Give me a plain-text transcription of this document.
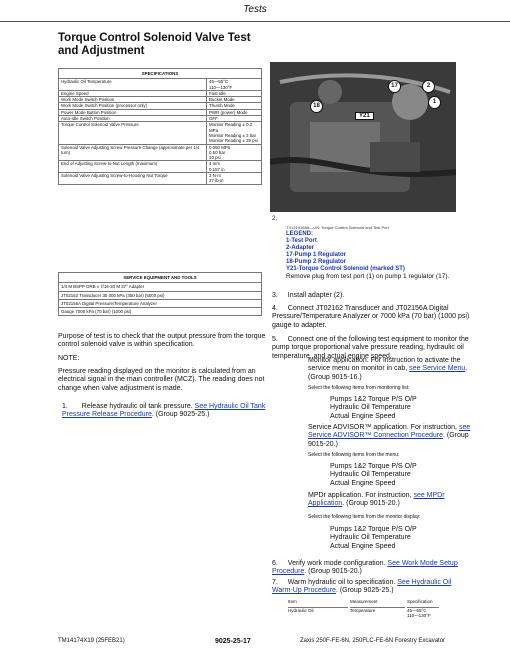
Tests
Torque Control Solenoid Valve Test and Adjustment
SPECIFICATIONS	
Hydraulic Oil Temperature	45—55°C
110—130°F
Engine Speed	Fast Idle
Work Mode Switch Position	Bucket Mode
Work Mode Switch Position (processor only)	Thumb Mode
Power Mode Button Position	PWR (power) Mode
Auto-Idle Switch Position	OFF
Torque Control Solenoid Valve Pressure	Monitor Reading ± 0.2 MPa
Monitor Reading ± 2 bar
Monitor Reading ± 29 psi
Solenoid Valve Adjusting Screw Pressure Change (approximate per 1/4 turn)	0.050 MPa
0.50 bar
10 psi
End of Adjusting Screw-to-Nut Length (maximum)	4 mm
0.157 in
Solenoid Valve Adjusting Screw-to-Housing Nut Torque	3 N·m
27 lb-in
SERVICE EQUIPMENT AND TOOLS
1/4 M BSPP ORB x 7/16-20 M 37° Adapter
JT02162 Transducer 35 000 kPa (350 bar) (5000 psi)
JT02156A Digital Pressure/Temperature Analyzer
Gauge 7000 kPa (70 bar) (1000 psi)
Purpose of test is to check that the output pressure from the torque control solenoid valve is within specification.
NOTE:
Pressure reading displayed on the monitor is calculated from an electrical signal in the main controller (MCZ). The reading does not change when valve adjustment is made.
1. Release hydraulic oil tank pressure. See Hydraulic Oil Tank Pressure Release Procedure. (Group 9025-25.)
17	2
1
18
Y21
2.
TX1219168A—UN: Torque Control Solenoid and Test Port
LEGEND:
1-Test Port
2-Adapter
17-Pump 1 Regulator
18-Pump 2 Regulator
Y21-Torque Control Solenoid (marked ST)
Remove plug from test port (1) on pump 1 regulator (17).
3. Install adapter (2).
4. Connect JT02162 Transducer and JT02156A Digital Pressure/Temperature Analyzer or 7000 kPa (70 bar) (1000 psi) gauge to adapter.
5. Connect one of the following test equipment to monitor the pump torque proportional valve pressure reading, hydraulic oil temperature, and actual engine speed.
Monitor application. For instruction to activate the service menu on monitor in cab, see Service Menu. (Group 9015-16.)
Select the following items from monitoring list:
Pumps 1&2 Torque P/S O/P
Hydraulic Oil Temperature
Actual Engine Speed
Service ADVISOR™ application. For instruction, see Service ADVISOR™ Connection Procedure. (Group 9015-20.)
Select the following items from the menu:
Pumps 1&2 Torque P/S O/P
Hydraulic Oil Temperature
Actual Engine Speed
MPDr application. For instruction, see MPDr Application. (Group 9015-20.)
Select the following items from the monitor display:
Pumps 1&2 Torque P/S O/P
Hydraulic Oil Temperature
Actual Engine Speed
6. Verify work mode configuration. See Work Mode Setup Procedure. (Group 9015-20.)
7. Warm hydraulic oil to specification. See Hydraulic Oil Warm-Up Procedure. (Group 9025-25.)
Item	Measurement	Specification
Hydraulic Oil	Temperature	45—55°C
110—130°F
TM14174X19 (25FEB21)	9025-25-17	Zaxis 250F-FE-6N, 250FLC-FE-6N Forestry Excavator
